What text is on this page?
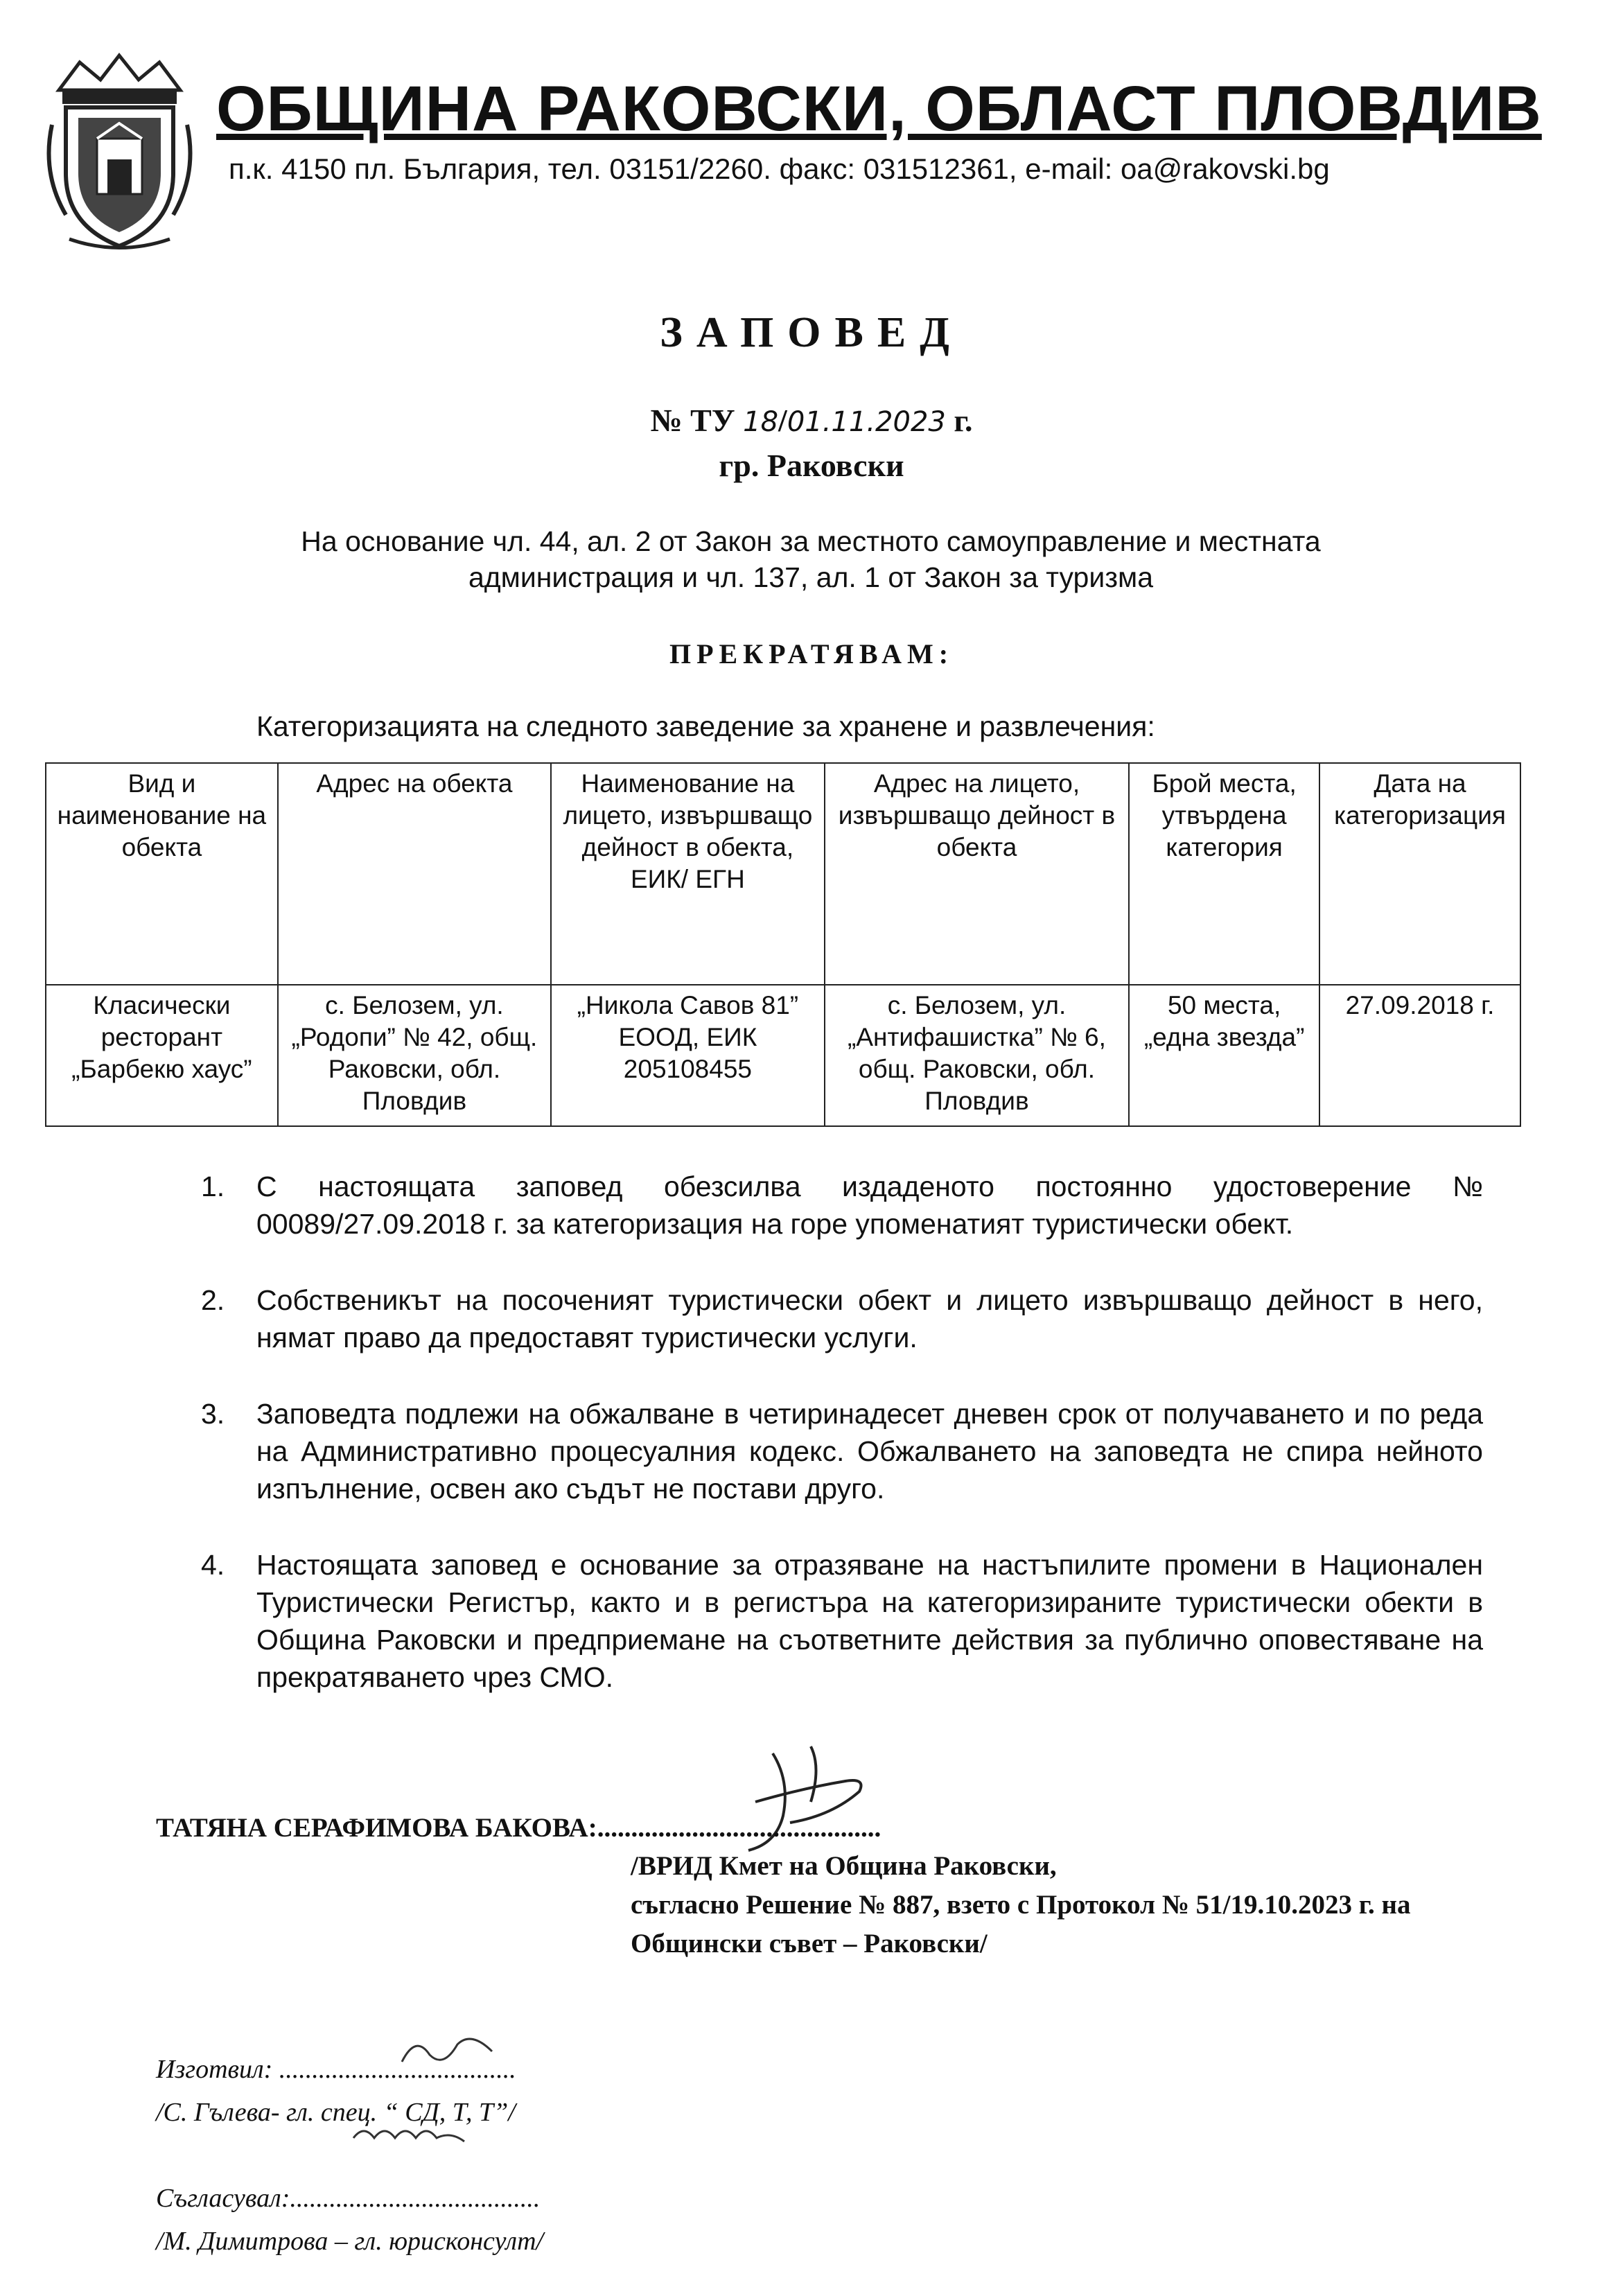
ОБЩИНА РАКОВСКИ, ОБЛАСТ ПЛОВДИВ
п.к. 4150 пл. България, тел. 03151/2260. факс: 031512361, e-mail: oa@rakovski.bg
ЗАПОВЕД
№ ТУ 18/01.11.2023 г.
гр. Раковски
На основание чл. 44, ал. 2 от Закон за местното самоуправление и местната администрация и чл. 137, ал. 1 от Закон за туризма
ПРЕКРАТЯВАМ:
Категоризацията на следното заведение за хранене и развлечения:
Вид и наименование на обекта	Адрес на обекта	Наименование на лицето, извършващо дейност в обекта, ЕИК/ ЕГН	Адрес на лицето, извършващо дейност в обекта	Брой места, утвърдена категория	Дата на категоризация
Класически ресторант „Барбекю хаус”	с. Белозем, ул. „Родопи” № 42, общ. Раковски, обл. Пловдив	„Никола Савов 81” ЕООД, ЕИК 205108455	с. Белозем, ул. „Антифашистка” № 6, общ. Раковски, обл. Пловдив	50 места, „една звезда”	27.09.2018 г.
1. С настоящата заповед обезсилва издаденото постоянно удостоверение № 00089/27.09.2018 г. за категоризация на горе упоменатият туристически обект.
2. Собственикът на посоченият туристически обект и лицето извършващо дейност в него, нямат право да предоставят туристически услуги.
3. Заповедта подлежи на обжалване в четиринадесет дневен срок от получаването и по реда на Административно процесуалния кодекс. Обжалването на заповедта не спира нейното изпълнение, освен ако съдът не постави друго.
4. Настоящата заповед е основание за отразяване на настъпилите промени в Национален Туристически Регистър, както и в регистъра на категоризираните туристически обекти в Община Раковски и предприемане на съответните действия за публично оповестяване на прекратяването чрез СМО.
ТАТЯНА СЕРАФИМОВА БАКОВА:..........................................
/ВРИД Кмет на Община Раковски,
съгласно Решение № 887, взето с Протокол № 51/19.10.2023 г. на
Общински съвет – Раковски/
Изготвил: ....................................
/С. Гълева- гл. спец. “ СД, Т, Т”/
Съгласувал:......................................
/М. Димитрова – гл. юрисконсулт/
